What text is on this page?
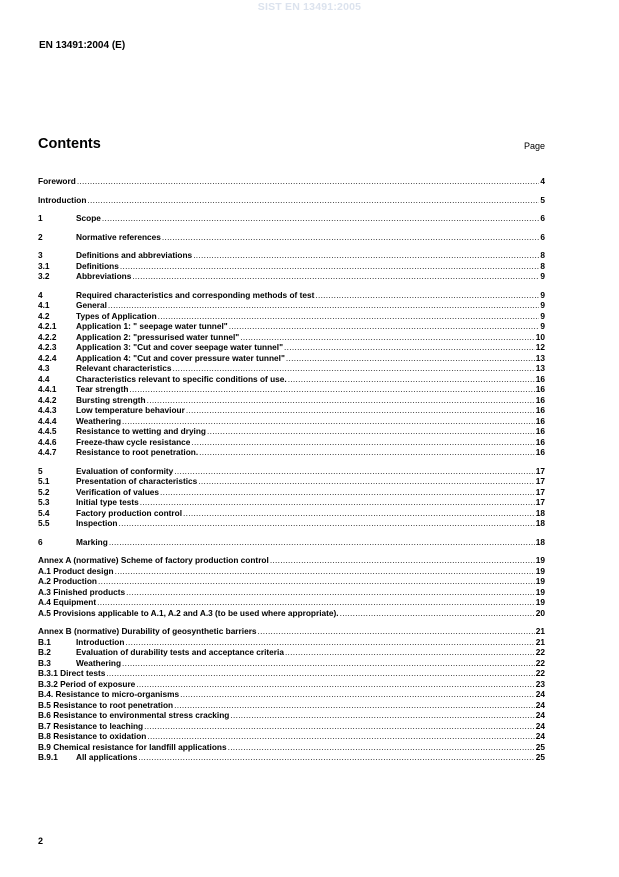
SIST EN 13491:2005
EN 13491:2004 (E)
Contents	Page
Foreword .....	4
Introduction .....	5
1	Scope .....	6
2	Normative references .....	6
3	Definitions and abbreviations .....	8
3.1	Definitions .....	8
3.2	Abbreviations .....	9
4	Required characteristics and corresponding methods of test .....	9
4.1	General .....	9
4.2	Types of Application .....	9
4.2.1	Application 1: " seepage water tunnel" .....	9
4.2.2	Application 2: "pressurised water tunnel" .....	10
4.2.3	Application 3: "Cut and cover seepage water tunnel" .....	12
4.2.4	Application 4: "Cut and cover pressure water tunnel" .....	13
4.3	Relevant characteristics .....	13
4.4	Characteristics relevant to specific conditions of use. .....	16
4.4.1	Tear strength .....	16
4.4.2	Bursting strength .....	16
4.4.3	Low temperature behaviour .....	16
4.4.4	Weathering .....	16
4.4.5	Resistance to wetting and drying .....	16
4.4.6	Freeze-thaw cycle resistance .....	16
4.4.7	Resistance to root penetration. .....	16
5	Evaluation of conformity .....	17
5.1	Presentation of characteristics .....	17
5.2	Verification of values .....	17
5.3	Initial type tests .....	17
5.4	Factory production control .....	18
5.5	Inspection .....	18
6	Marking .....	18
Annex A (normative) Scheme of factory production control .....	19
A.1 Product design .....	19
A.2 Production .....	19
A.3 Finished products .....	19
A.4 Equipment .....	19
A.5 Provisions applicable to A.1, A.2 and A.3 (to be used where appropriate). .....	20
Annex B (normative) Durability of geosynthetic barriers .....	21
B.1	Introduction .....	21
B.2	Evaluation of durability tests and acceptance criteria .....	22
B.3	Weathering .....	22
B.3.1 Direct tests .....	22
B.3.2 Period of exposure .....	23
B.4. Resistance to micro-organisms .....	24
B.5 Resistance to root penetration .....	24
B.6 Resistance to environmental stress cracking .....	24
B.7 Resistance to leaching .....	24
B.8 Resistance to oxidation .....	24
B.9 Chemical resistance for landfill applications .....	25
B.9.1	All applications .....	25
2
